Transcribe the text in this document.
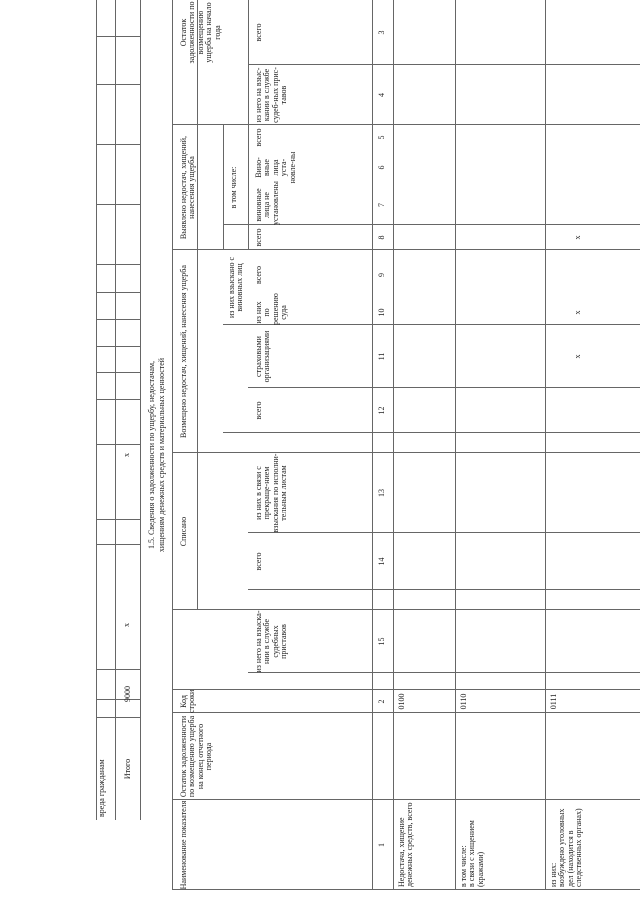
вреда гражданам Итого
9000
x
x 1.5. Сведения о задолженности по ущербу, недостачам, хищениям денежных средств и материальных ценностей
Наименование показателя
Код строки
Остаток задолженности по возмещению ущерба на начало года
Выявлено недостач, хищений, нанесения ущерба
Возмещено недостач, хищений, нанесения ущерба
Списано
Остаток задолженности по возмещению ущерба на конец отчетного периода
всего
из него на взыс-кании в службе судеб-ных прис-тавов
всего
в том числе: Вино-вные лица уста-новле-ны
виновные лица не установлены
всего
из них взыскано с виновных лиц всего
из них по решению суда
страховыми организациями
всего
из них в связи с прекраще-нием взыскания по исполни-тельным листам
всего
из него на взыска-нии в службе судебных приставов
1
2
3
4
5
6
7
8
9
10
11
12
13
14
15
Недостача, хищение денежных средств, всего
0100
в том числе:
в связи с хищением (кражами)
0110
из них:
возбуждено уголовных дел (находится в следственных органах)
0111
x
x
x
